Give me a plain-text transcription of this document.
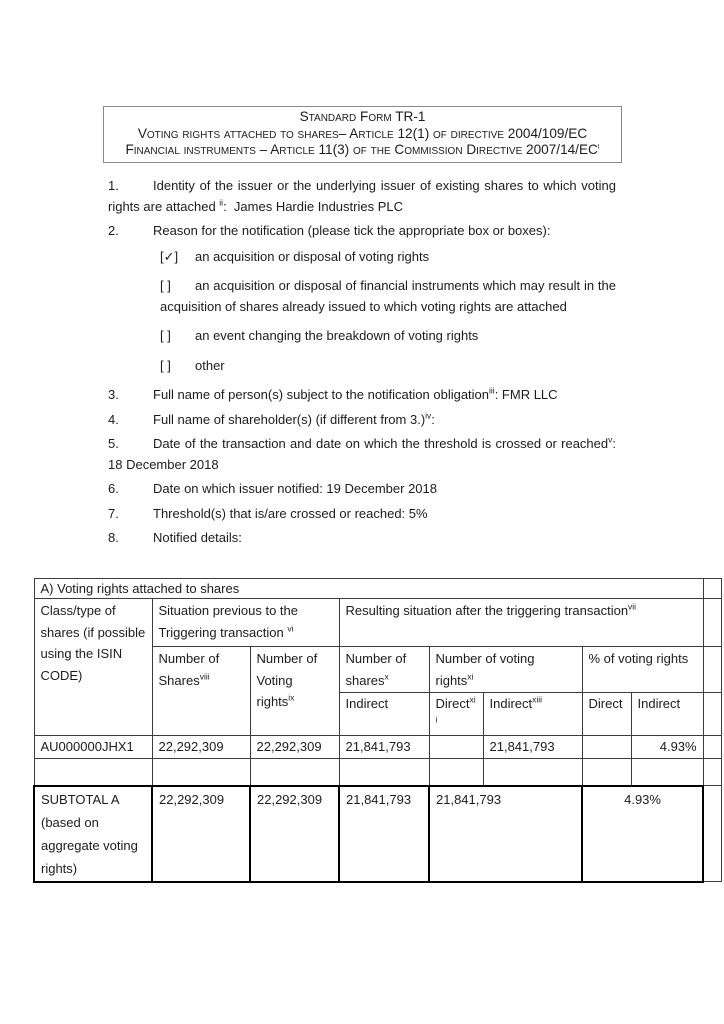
Standard Form TR-1
Voting rights attached to shares– Article 12(1) of directive 2004/109/EC
Financial instruments – Article 11(3) of the Commission Directive $2007/14/EC^i$

1.	Identity of the issuer or the underlying issuer of existing shares to which voting rights are attached $^{ii}$:  James Hardie Industries PLC

2.	Reason for the notification (please tick the appropriate box or boxes):

[✓] an acquisition or disposal of voting rights

[ ] an acquisition or disposal of financial instruments which may result in the acquisition of shares already issued to which voting rights are attached

[ ] an event changing the breakdown of voting rights

[ ] other

3.	Full name of person(s) subject to the notification obligation$^{iii}$: FMR LLC

4.	Full name of shareholder(s) (if different from 3.)$^{iv}$:

5.	Date of the transaction and date on which the threshold is crossed or reached$^v$: 18 December 2018

6.	Date on which issuer notified: 19 December 2018

7.	Threshold(s) that is/are crossed or reached: 5%

8.	Notified details:

A) Voting rights attached to shares								
Class/type of shares (if possible using the ISIN CODE)	Situation previous to the Triggering transaction $^{vi}$		Resulting situation after the triggering transaction$^{vii}$	
	Number of Shares$^{viii}$	Number of Voting rights$^{ix}$	Number of shares$^x$	Number of voting rights$^{xi}$		% of voting rights		
			Indirect	Direct$^{xii}$	Indirect$^{xiii}$	Direct	Indirect	
AU000000JHX1	22,292,309	22,292,309	21,841,793		21,841,793		4.93%	

SUBTOTAL A (based on aggregate voting rights)	22,292,309	22,292,309	21,841,793	21,841,793		4.93%		
